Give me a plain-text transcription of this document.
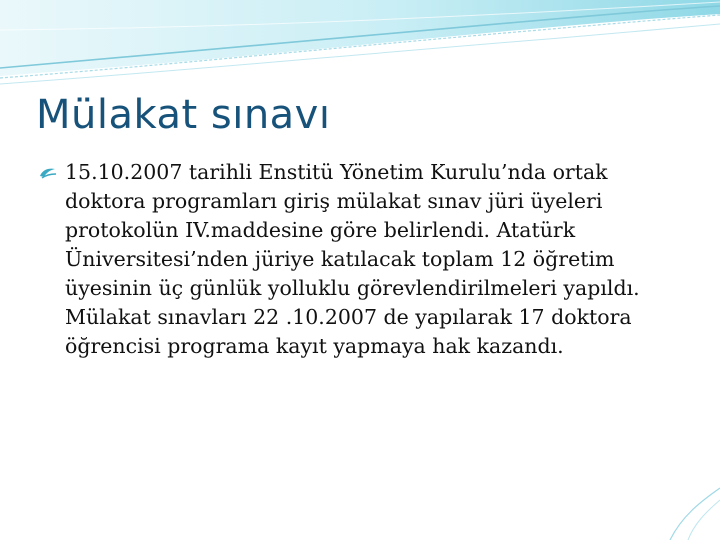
Mülakat sınavı
15.10.2007 tarihli Enstitü Yönetim Kurulu’nda ortak doktora programları giriş mülakat sınav jüri üyeleri protokolün IV.maddesine göre belirlendi. Atatürk Üniversitesi’nden jüriye katılacak toplam 12 öğretim üyesinin üç günlük yolluklu görevlendirilmeleri yapıldı. Mülakat sınavları 22 .10.2007 de yapılarak 17 doktora öğrencisi programa kayıt yapmaya hak kazandı.
